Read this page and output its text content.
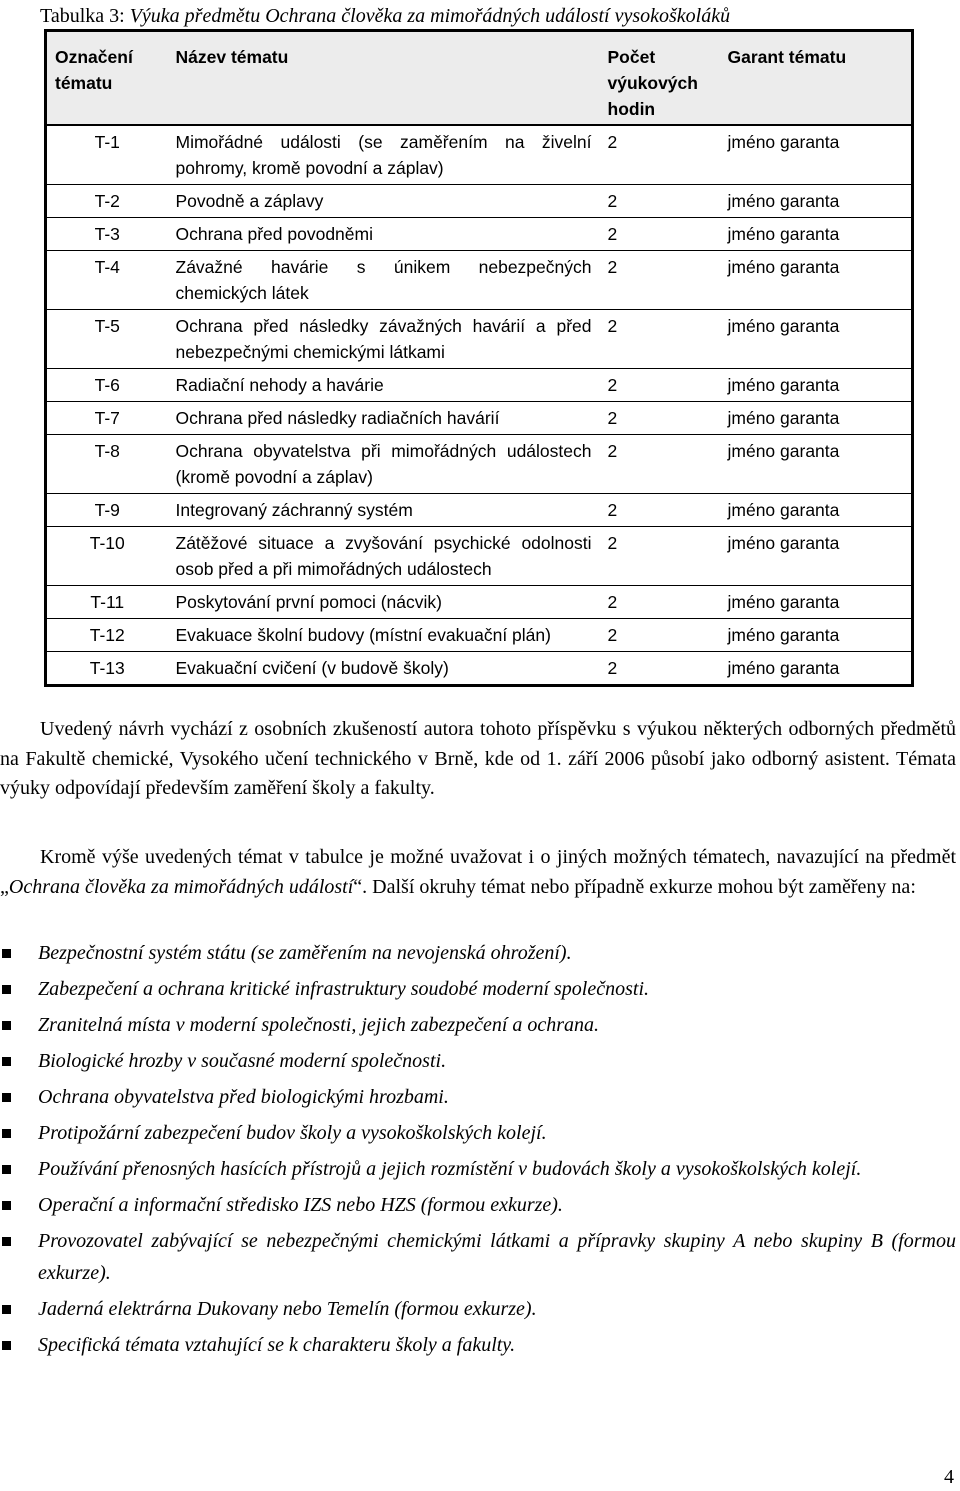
Tabulka 3: Výuka předmětu Ochrana člověka za mimořádných událostí vysokoškoláků
Označení tématu	Název tématu	Počet výukových hodin	Garant tématu
T-1	Mimořádné události (se zaměřením na živelní pohromy, kromě povodní a záplav)	2	jméno garanta
T-2	Povodně a záplavy	2	jméno garanta
T-3	Ochrana před povodněmi	2	jméno garanta
T-4	Závažné havárie s únikem nebezpečných chemických látek	2	jméno garanta
T-5	Ochrana před následky závažných havárií a před nebezpečnými chemickými látkami	2	jméno garanta
T-6	Radiační nehody a havárie	2	jméno garanta
T-7	Ochrana před následky radiačních havárií	2	jméno garanta
T-8	Ochrana obyvatelstva při mimořádných událostech (kromě povodní a záplav)	2	jméno garanta
T-9	Integrovaný záchranný systém	2	jméno garanta
T-10	Zátěžové situace a zvyšování psychické odolnosti osob před a při mimořádných událostech	2	jméno garanta
T-11	Poskytování první pomoci (nácvik)	2	jméno garanta
T-12	Evakuace školní budovy (místní evakuační plán)	2	jméno garanta
T-13	Evakuační cvičení (v budově školy)	2	jméno garanta
Uvedený návrh vychází z osobních zkušeností autora tohoto příspěvku s výukou některých odborných předmětů na Fakultě chemické, Vysokého učení technického v Brně, kde od 1. září 2006 působí jako odborný asistent. Témata výuky odpovídají především zaměření školy a fakulty.
Kromě výše uvedených témat v tabulce je možné uvažovat i o jiných možných tématech, navazující na předmět „Ochrana člověka za mimořádných událostí“. Další okruhy témat nebo případně exkurze mohou být zaměřeny na:
Bezpečnostní systém státu (se zaměřením na nevojenská ohrožení).
Zabezpečení a ochrana kritické infrastruktury soudobé moderní společnosti.
Zranitelná místa v moderní společnosti, jejich zabezpečení a ochrana.
Biologické hrozby v současné moderní společnosti.
Ochrana obyvatelstva před biologickými hrozbami.
Protipožární zabezpečení budov školy a vysokoškolských kolejí.
Používání přenosných hasících přístrojů a jejich rozmístění v budovách školy a vysokoškolských kolejí.
Operační a informační středisko IZS nebo HZS (formou exkurze).
Provozovatel zabývající se nebezpečnými chemickými látkami a přípravky skupiny A nebo skupiny B (formou exkurze).
Jaderná elektrárna Dukovany nebo Temelín (formou exkurze).
Specifická témata vztahující se k charakteru školy a fakulty.
4
